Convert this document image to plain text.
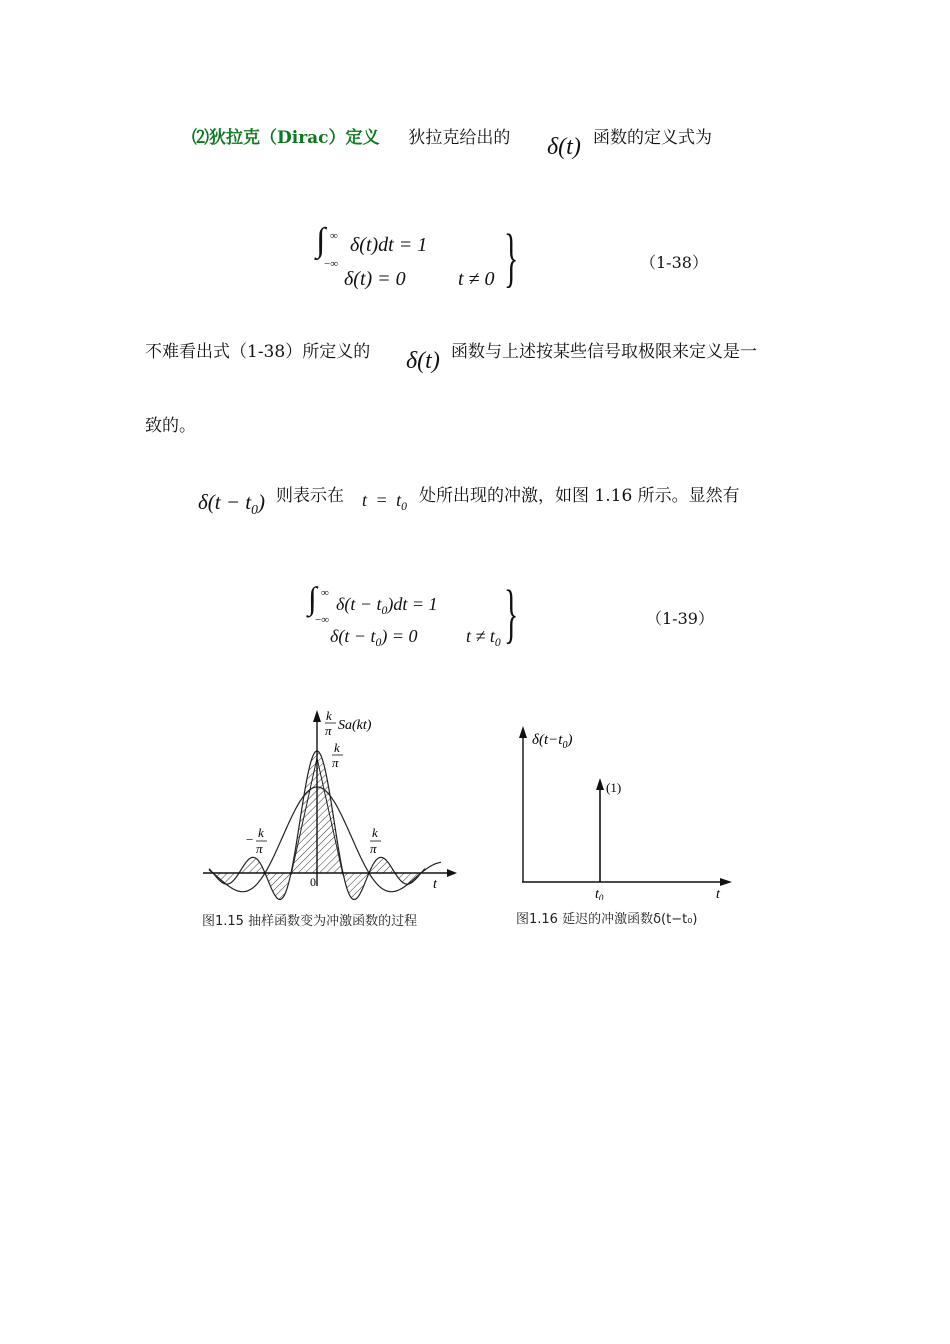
⑵狄拉克（Dirac）定义 狄拉克给出的 δ(t) 函数的定义式为
∫ ∞
−∞
δ(t)dt = 1
δ(t) = 0	t ≠ 0 }	（1-38）
不难看出式（1-38）所定义的 δ(t) 函数与上述按某些信号取极限来定义是一
致的。
$\delta(t - t_0)$ 则表示在 $t = t_0$
处所出现的冲激，如图 1.16 所示。显然有
∫ ∞
−∞
$\delta(t - t_0)dt = 1$
$\delta(t - t_0) = 0$	$t \ne t_0$ }	（1-39）
k
π Sa(kt)
k
π
− k
π
k
π
0	t
图1.15 抽样函数变为冲激函数的过程
$\delta(t-t_0)$
(1)
$t_0$	t
图1.16 延迟的冲激函数δ(t−t₀)
